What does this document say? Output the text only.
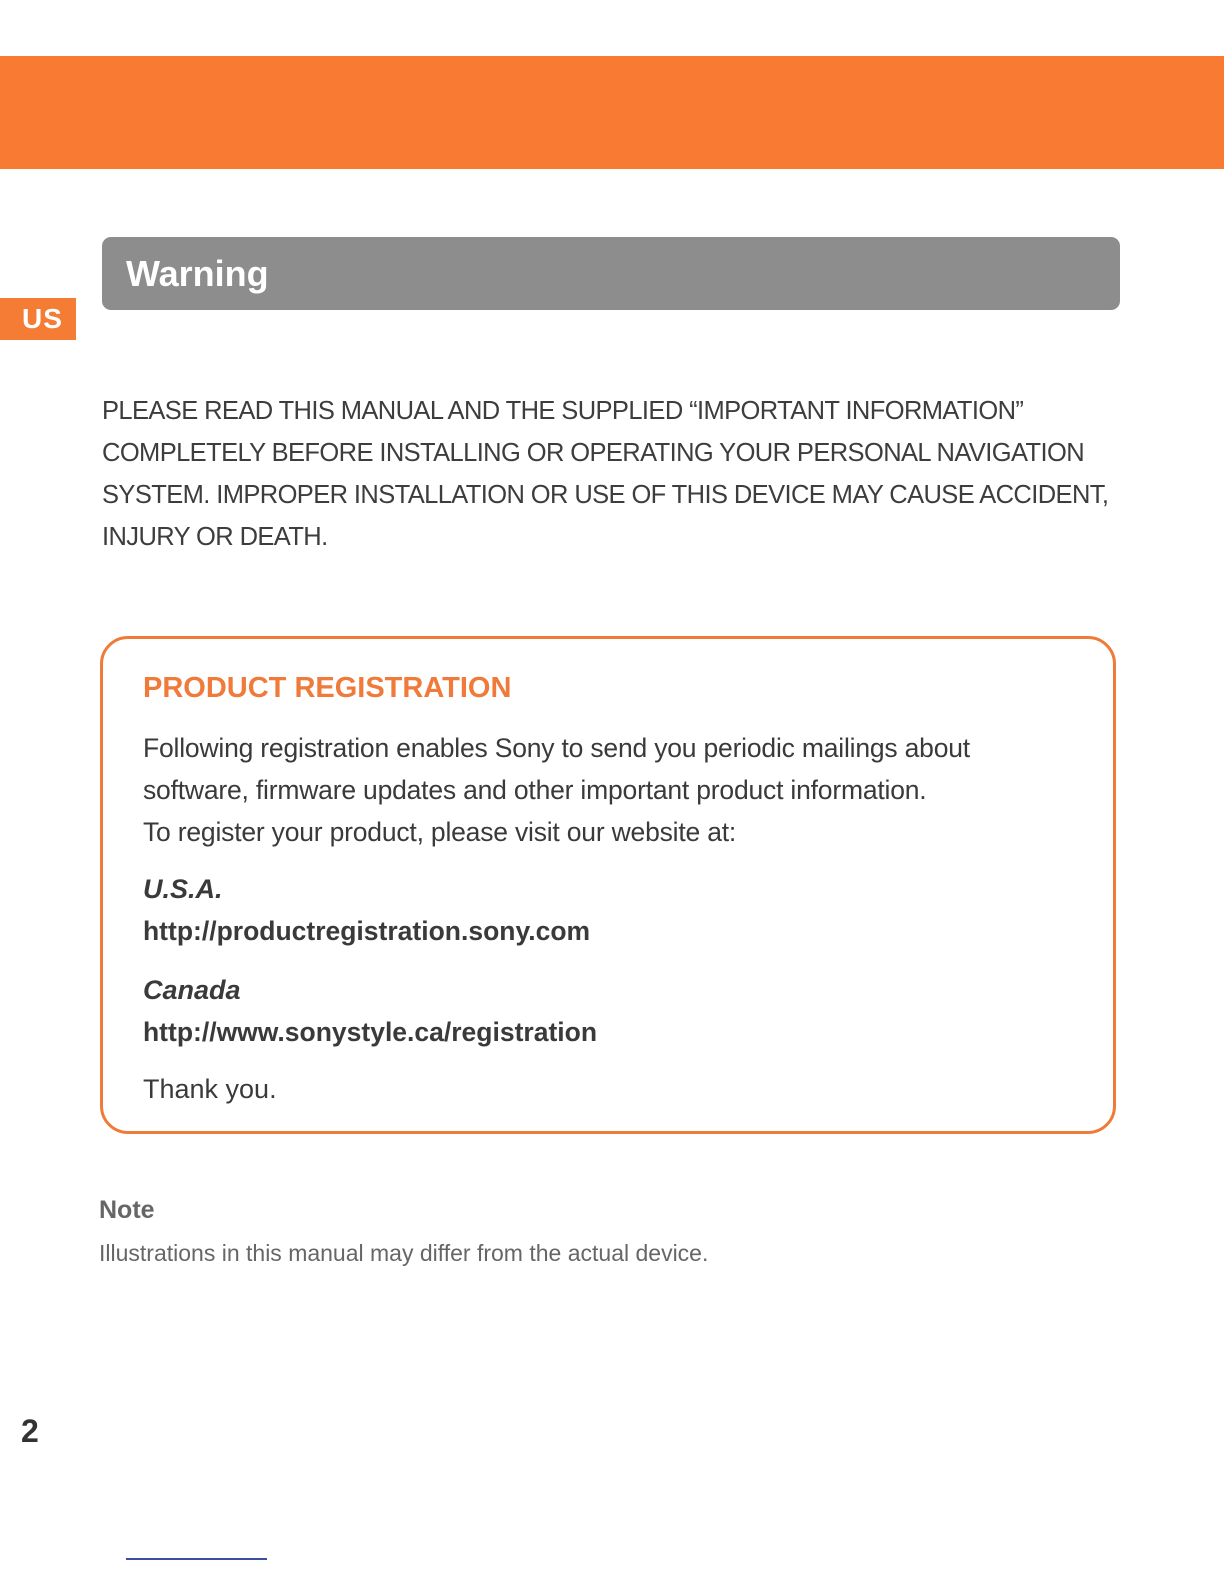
US
Warning

PLEASE READ THIS MANUAL AND THE SUPPLIED “IMPORTANT INFORMATION”
COMPLETELY BEFORE INSTALLING OR OPERATING YOUR PERSONAL NAVIGATION
SYSTEM. IMPROPER INSTALLATION OR USE OF THIS DEVICE MAY CAUSE ACCIDENT,
INJURY OR DEATH.

PRODUCT REGISTRATION

Following registration enables Sony to send you periodic mailings about
software, firmware updates and other important product information.
To register your product, please visit our website at:

U.S.A.

http://productregistration.sony.com

Canada

http://www.sonystyle.ca/registration

Thank you.

Note

Illustrations in this manual may differ from the actual device.

2
